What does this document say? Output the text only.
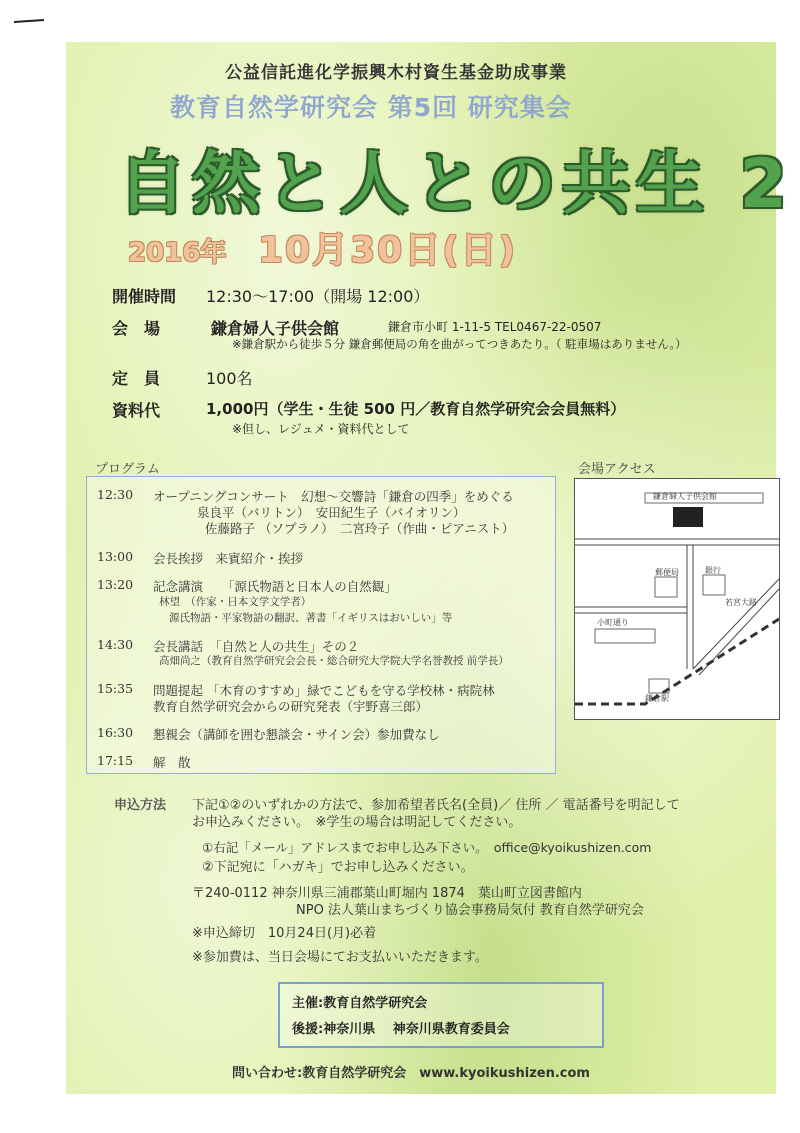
公益信託進化学振興木村資生基金助成事業
教育自然学研究会 第5回 研究集会
自然と人との共生 2
2016年 10月30日(日)
開催時間 12:30～17:00（開場 12:00）
会　場	鎌倉婦人子供会館	鎌倉市小町 1-11-5 TEL0467-22-0507
※鎌倉駅から徒歩５分 鎌倉郵便局の角を曲がってつきあたり。（ 駐車場はありません。）
定　員	100名
資料代	1,000円（学生・生徒 500 円／教育自然学研究会会員無料）
※但し、レジュメ・資料代として
プログラム	会場アクセス
12:30 オープニングコンサート　幻想～交響詩「鎌倉の四季」をめぐる
泉良平（バリトン）　安田紀生子（バイオリン）
佐藤路子 （ソプラノ）　二宮玲子（作曲・ピアニスト）
13:00 会長挨拶　来賓紹介・挨拶
13:20 記念講演　　「源氏物語と日本人の自然観」
林望　（作家・日本文学文学者）
源氏物語・平家物語の翻訳、著書「イギリスはおいしい」等
14:30 会長講話　「自然と人の共生」その２
高畑尚之（教育自然学研究会会長・総合研究大学院大学名誉教授 前学長）
15:35 問題提起 「木育のすすめ」緑でこどもを守る学校林・病院林
教育自然学研究会からの研究発表（宇野喜三郎）
16:30 懇親会（講師を囲む懇談会・サイン会）参加費なし
17:15 解　散
鎌倉婦人子供会館
郵便局	銀行
小町通り
若宮大路
鎌倉駅
申込方法 下記①②のいずれかの方法で、参加希望者氏名(全員)／ 住所 ／ 電話番号を明記して
お申込みください。　※学生の場合は明記してください。
①右記「メール」アドレスまでお申し込み下さい。　office@kyoikushizen.com
②下記宛に「ハガキ」でお申し込みください。
〒240-0112 神奈川県三浦郡葉山町堀内 1874　葉山町立図書館内
NPO 法人葉山まちづくり協会事務局気付 教育自然学研究会
※申込締切　10月24日(月)必着
※参加費は、当日会場にてお支払いいただきます。
主催:教育自然学研究会
後援:神奈川県　 神奈川県教育委員会
問い合わせ:教育自然学研究会　www.kyoikushizen.com
